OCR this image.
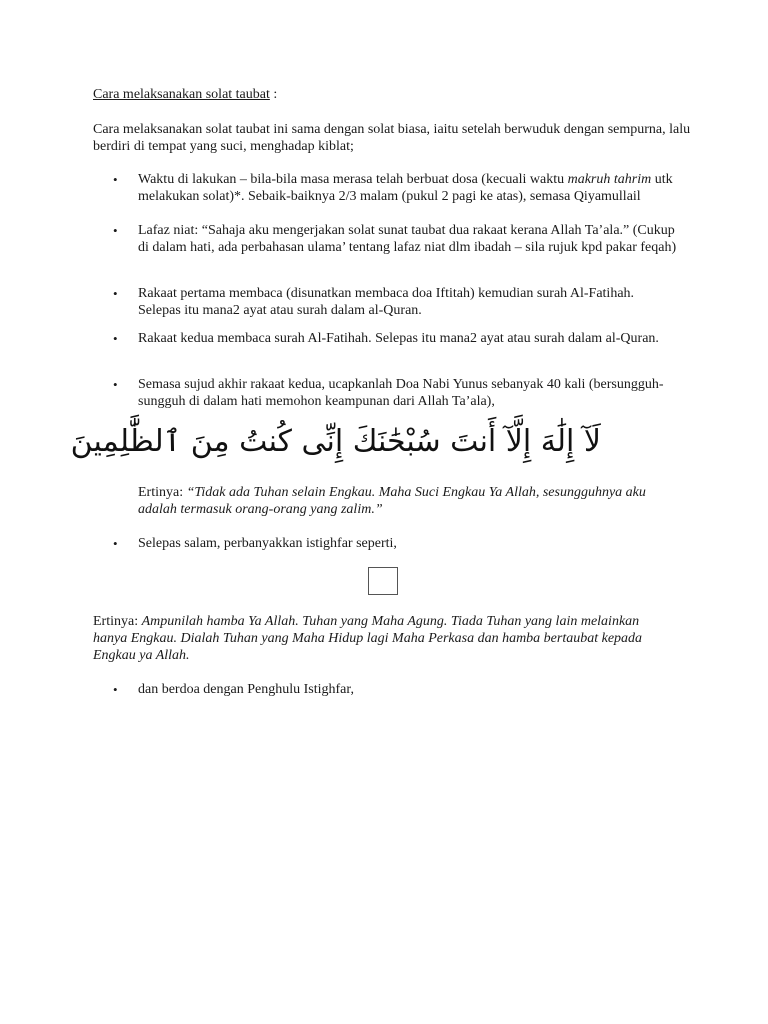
Cara melaksanakan solat taubat :
Cara melaksanakan solat taubat ini sama dengan solat biasa, iaitu setelah berwuduk dengan sempurna, lalu berdiri di tempat yang suci, menghadap kiblat;
• Waktu di lakukan – bila-bila masa merasa telah berbuat dosa (kecuali waktu makruh tahrim utk melakukan solat)*. Sebaik-baiknya 2/3 malam (pukul 2 pagi ke atas), semasa Qiyamullail
• Lafaz niat: “Sahaja aku mengerjakan solat sunat taubat dua rakaat kerana Allah Ta’ala.” (Cukup di dalam hati, ada perbahasan ulama’ tentang lafaz niat dlm ibadah – sila rujuk kpd pakar feqah)
• Rakaat pertama membaca (disunatkan membaca doa Iftitah) kemudian surah Al-Fatihah. Selepas itu mana2 ayat atau surah dalam al-Quran.
• Rakaat kedua membaca surah Al-Fatihah. Selepas itu mana2 ayat atau surah dalam al-Quran.
• Semasa sujud akhir rakaat kedua, ucapkanlah Doa Nabi Yunus sebanyak 40 kali (bersungguh-sungguh di dalam hati memohon keampunan dari Allah Ta’ala),
• Selepas salam, perbanyakkan istighfar seperti,
• dan berdoa dengan Penghulu Istighfar,
لَآ إِلَٰهَ إِلَّآ أَنتَ سُبْحَٰنَكَ إِنِّى كُنتُ مِنَ ٱلظَّٰلِمِينَ
Ertinya: “Tidak ada Tuhan selain Engkau. Maha Suci Engkau Ya Allah, sesungguhnya aku adalah termasuk orang-orang yang zalim.”
Ertinya: Ampunilah hamba Ya Allah. Tuhan yang Maha Agung. Tiada Tuhan yang lain melainkan hanya Engkau. Dialah Tuhan yang Maha Hidup lagi Maha Perkasa dan hamba bertaubat kepada Engkau ya Allah.
